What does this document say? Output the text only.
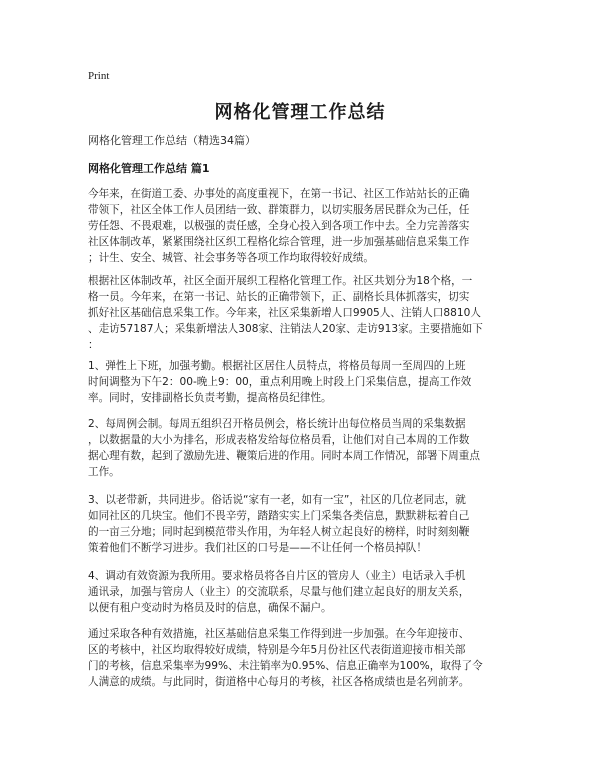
Print
网格化管理工作总结
网格化管理工作总结（精选34篇）
网格化管理工作总结 篇1
今年来，在街道工委、办事处的高度重视下，在第一书记、社区工作站站长的正确
带领下，社区全体工作人员团结一致、群策群力，以切实服务居民群众为己任，任
劳任怨、不畏艰难，以极强的责任感，全身心投入到各项工作中去。全力完善落实
社区体制改革，紧紧围绕社区织工程格化综合管理，进一步加强基础信息采集工作
；计生、安全、城管、社会事务等各项工作均取得较好成绩。
根据社区体制改革，社区全面开展织工程格化管理工作。社区共划分为18个格，一
格一员。今年来，在第一书记、站长的正确带领下，正、副格长具体抓落实，切实
抓好社区基础信息采集工作。今年来，社区采集新增人口9905人、注销人口8810人
、走访57187人；采集新增法人308家、注销法人20家、走访913家。主要措施如下
：
1、弹性上下班，加强考勤。根据社区居住人员特点，将格员每周一至周四的上班
时间调整为下午2：00-晚上9：00，重点利用晚上时段上门采集信息，提高工作效
率。同时，安排副格长负责考勤，提高格员纪律性。
2、每周例会制。每周五组织召开格员例会，格长统计出每位格员当周的采集数据
，以数据量的大小为排名，形成表格发给每位格员看，让他们对自己本周的工作数
据心理有数，起到了激励先进、鞭策后进的作用。同时本周工作情况，部署下周重点
工作。
3、以老带新，共同进步。俗话说“家有一老，如有一宝”，社区的几位老同志，就
如同社区的几块宝。他们不畏辛劳，踏踏实实上门采集各类信息，默默耕耘着自己
的一亩三分地；同时起到模范带头作用，为年轻人树立起良好的榜样，时时刻刻鞭
策着他们不断学习进步。我们社区的口号是——不让任何一个格员掉队！
4、调动有效资源为我所用。要求格员将各自片区的管房人（业主）电话录入手机
通讯录，加强与管房人（业主）的交流联系，尽量与他们建立起良好的朋友关系，
以便有租户变动时为格员及时的信息，确保不漏户。
通过采取各种有效措施，社区基础信息采集工作得到进一步加强。在今年迎接市、
区的考核中，社区均取得较好成绩，特别是今年5月份社区代表街道迎接市相关部
门的考核，信息采集率为99%、未注销率为0.95%、信息正确率为100%，取得了令
人满意的成绩。与此同时，街道格中心每月的考核，社区各格成绩也是名列前茅。
